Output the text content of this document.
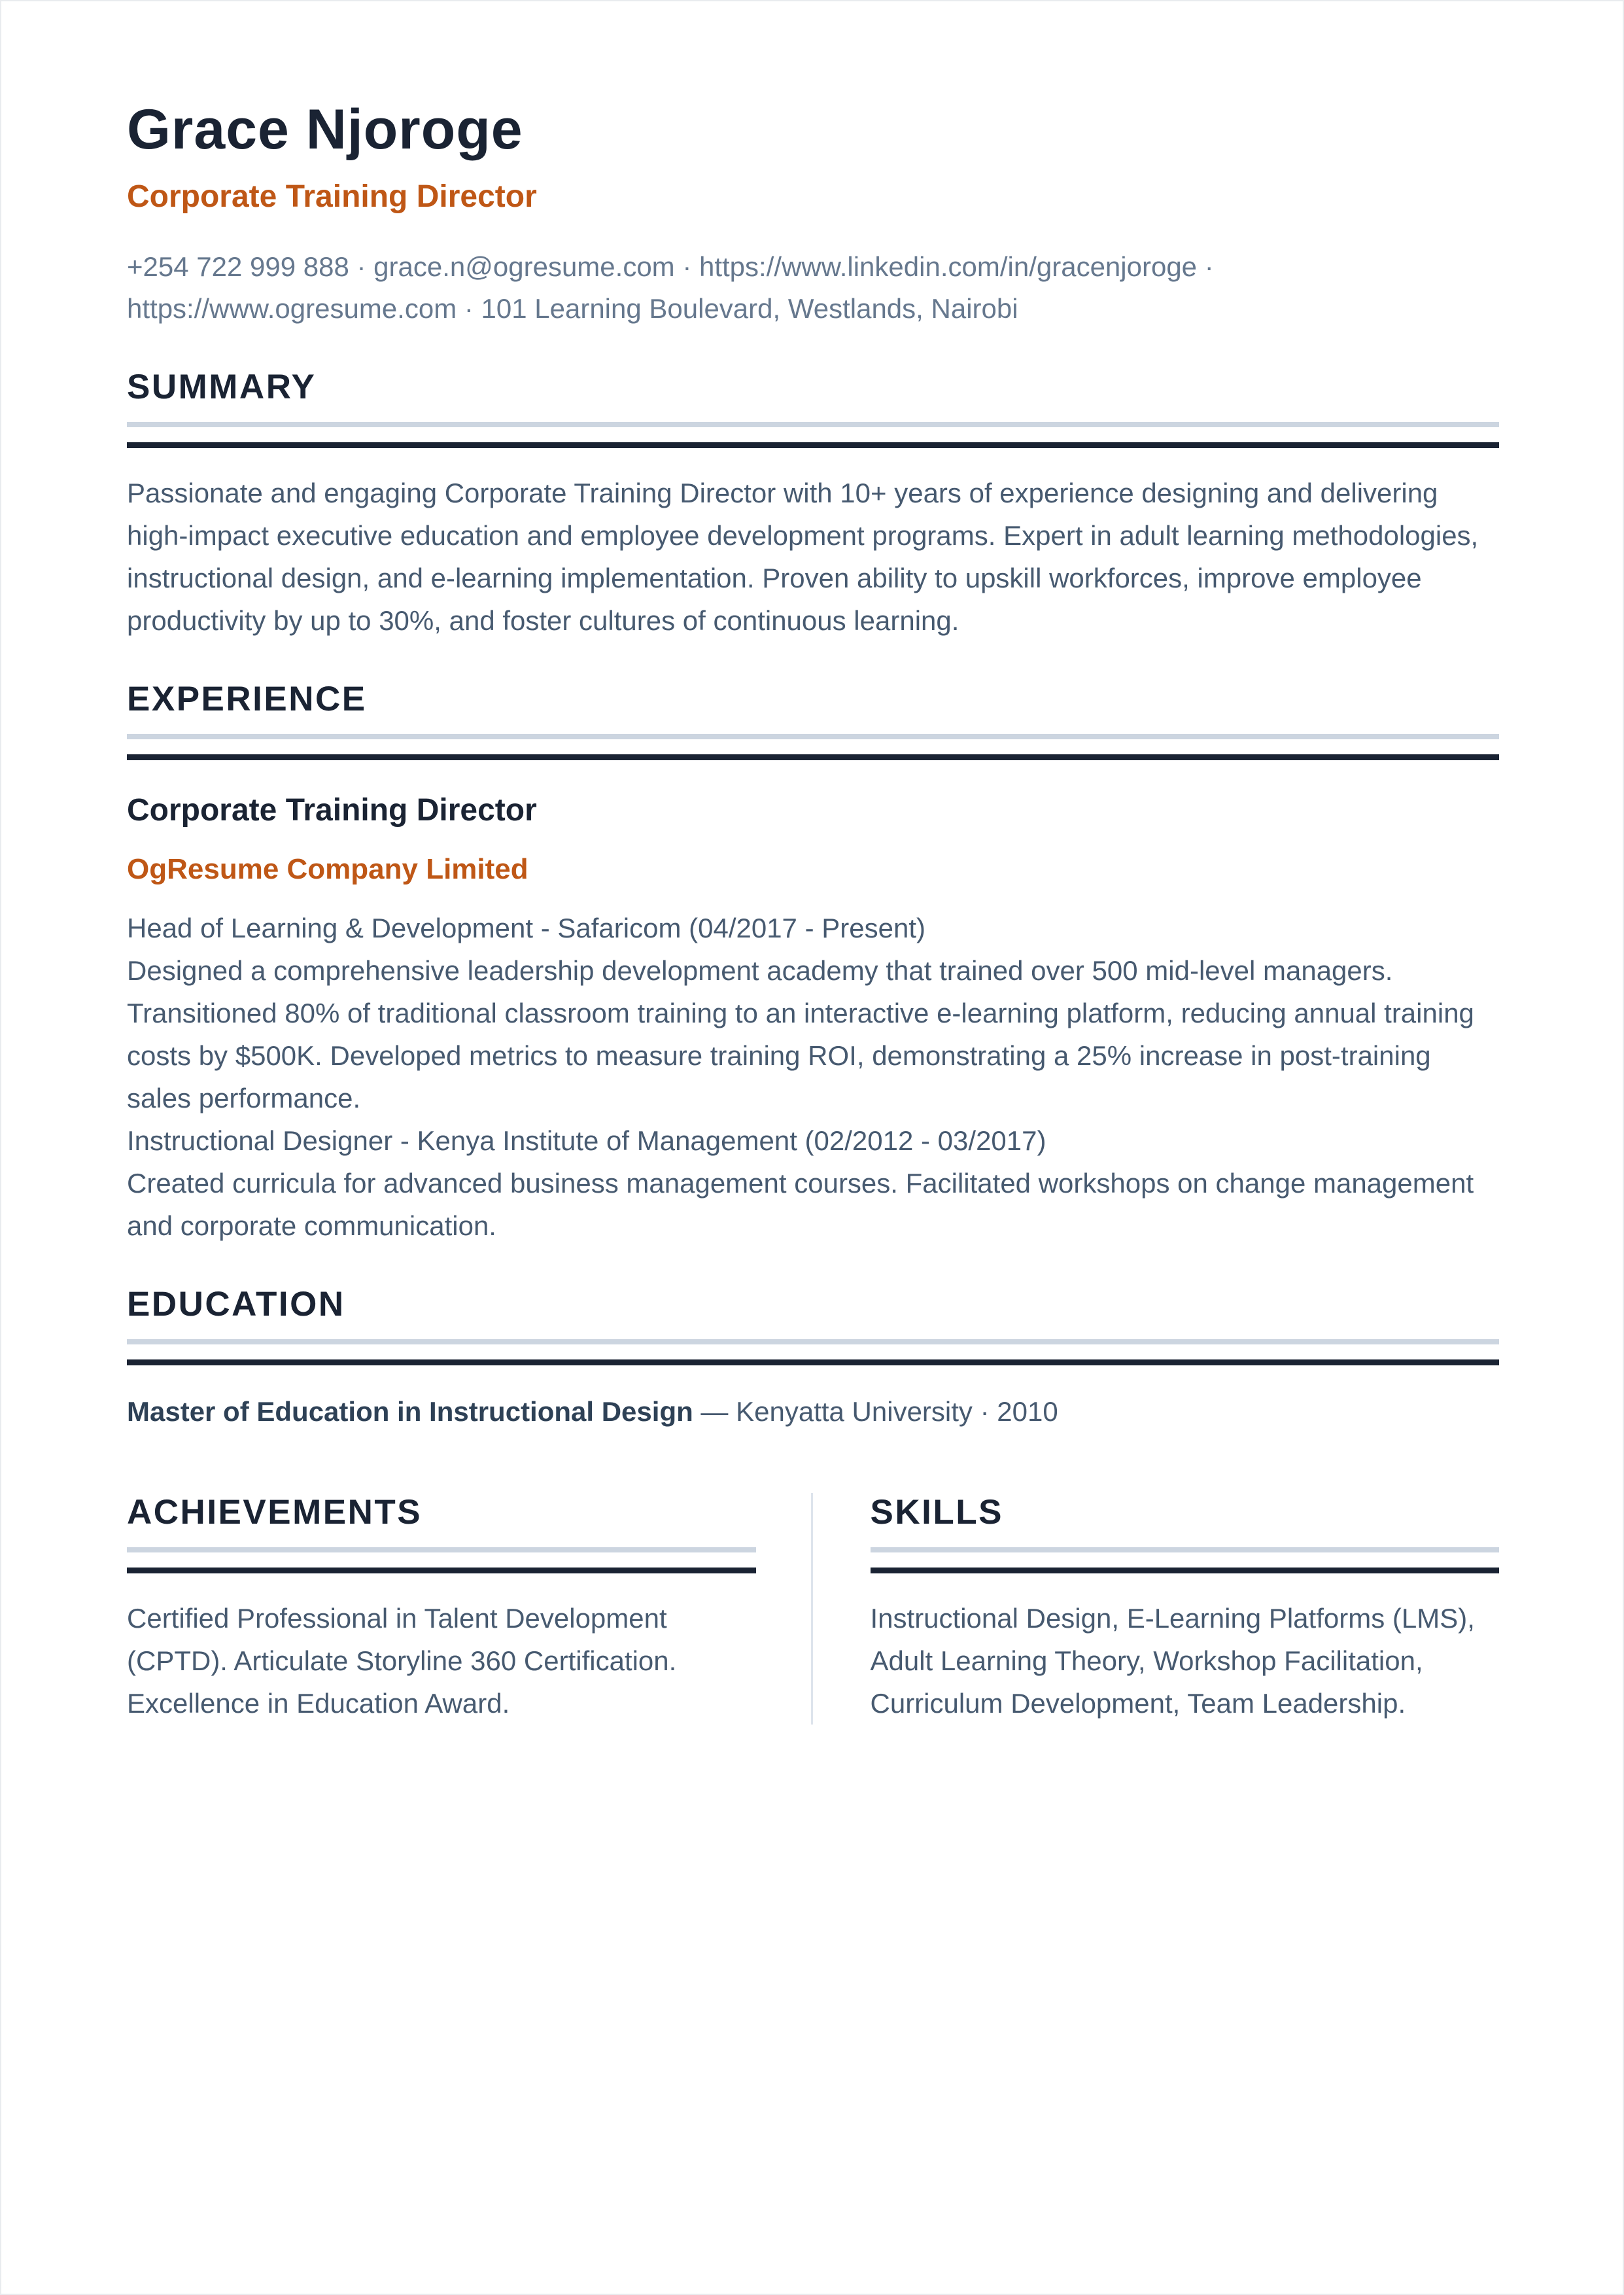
Grace Njoroge
Corporate Training Director

+254 722 999 888 · grace.n@ogresume.com · https://www.linkedin.com/in/gracenjoroge · https://www.ogresume.com · 101 Learning Boulevard, Westlands, Nairobi

SUMMARY

Passionate and engaging Corporate Training Director with 10+ years of experience designing and delivering high-impact executive education and employee development programs. Expert in adult learning methodologies, instructional design, and e-learning implementation. Proven ability to upskill workforces, improve employee productivity by up to 30%, and foster cultures of continuous learning.

EXPERIENCE
Corporate Training Director
OgResume Company Limited

Head of Learning & Development - Safaricom (04/2017 - Present)

Designed a comprehensive leadership development academy that trained over 500 mid-level managers. Transitioned 80% of traditional classroom training to an interactive e-learning platform, reducing annual training costs by $500K. Developed metrics to measure training ROI, demonstrating a 25% increase in post-training sales performance.

Instructional Designer - Kenya Institute of Management (02/2012 - 03/2017)

Created curricula for advanced business management courses. Facilitated workshops on change management and corporate communication.

EDUCATION

Master of Education in Instructional Design — Kenyatta University · 2010

ACHIEVEMENTS

Certified Professional in Talent Development (CPTD). Articulate Storyline 360 Certification. Excellence in Education Award.

SKILLS

Instructional Design, E-Learning Platforms (LMS), Adult Learning Theory, Workshop Facilitation, Curriculum Development, Team Leadership.
